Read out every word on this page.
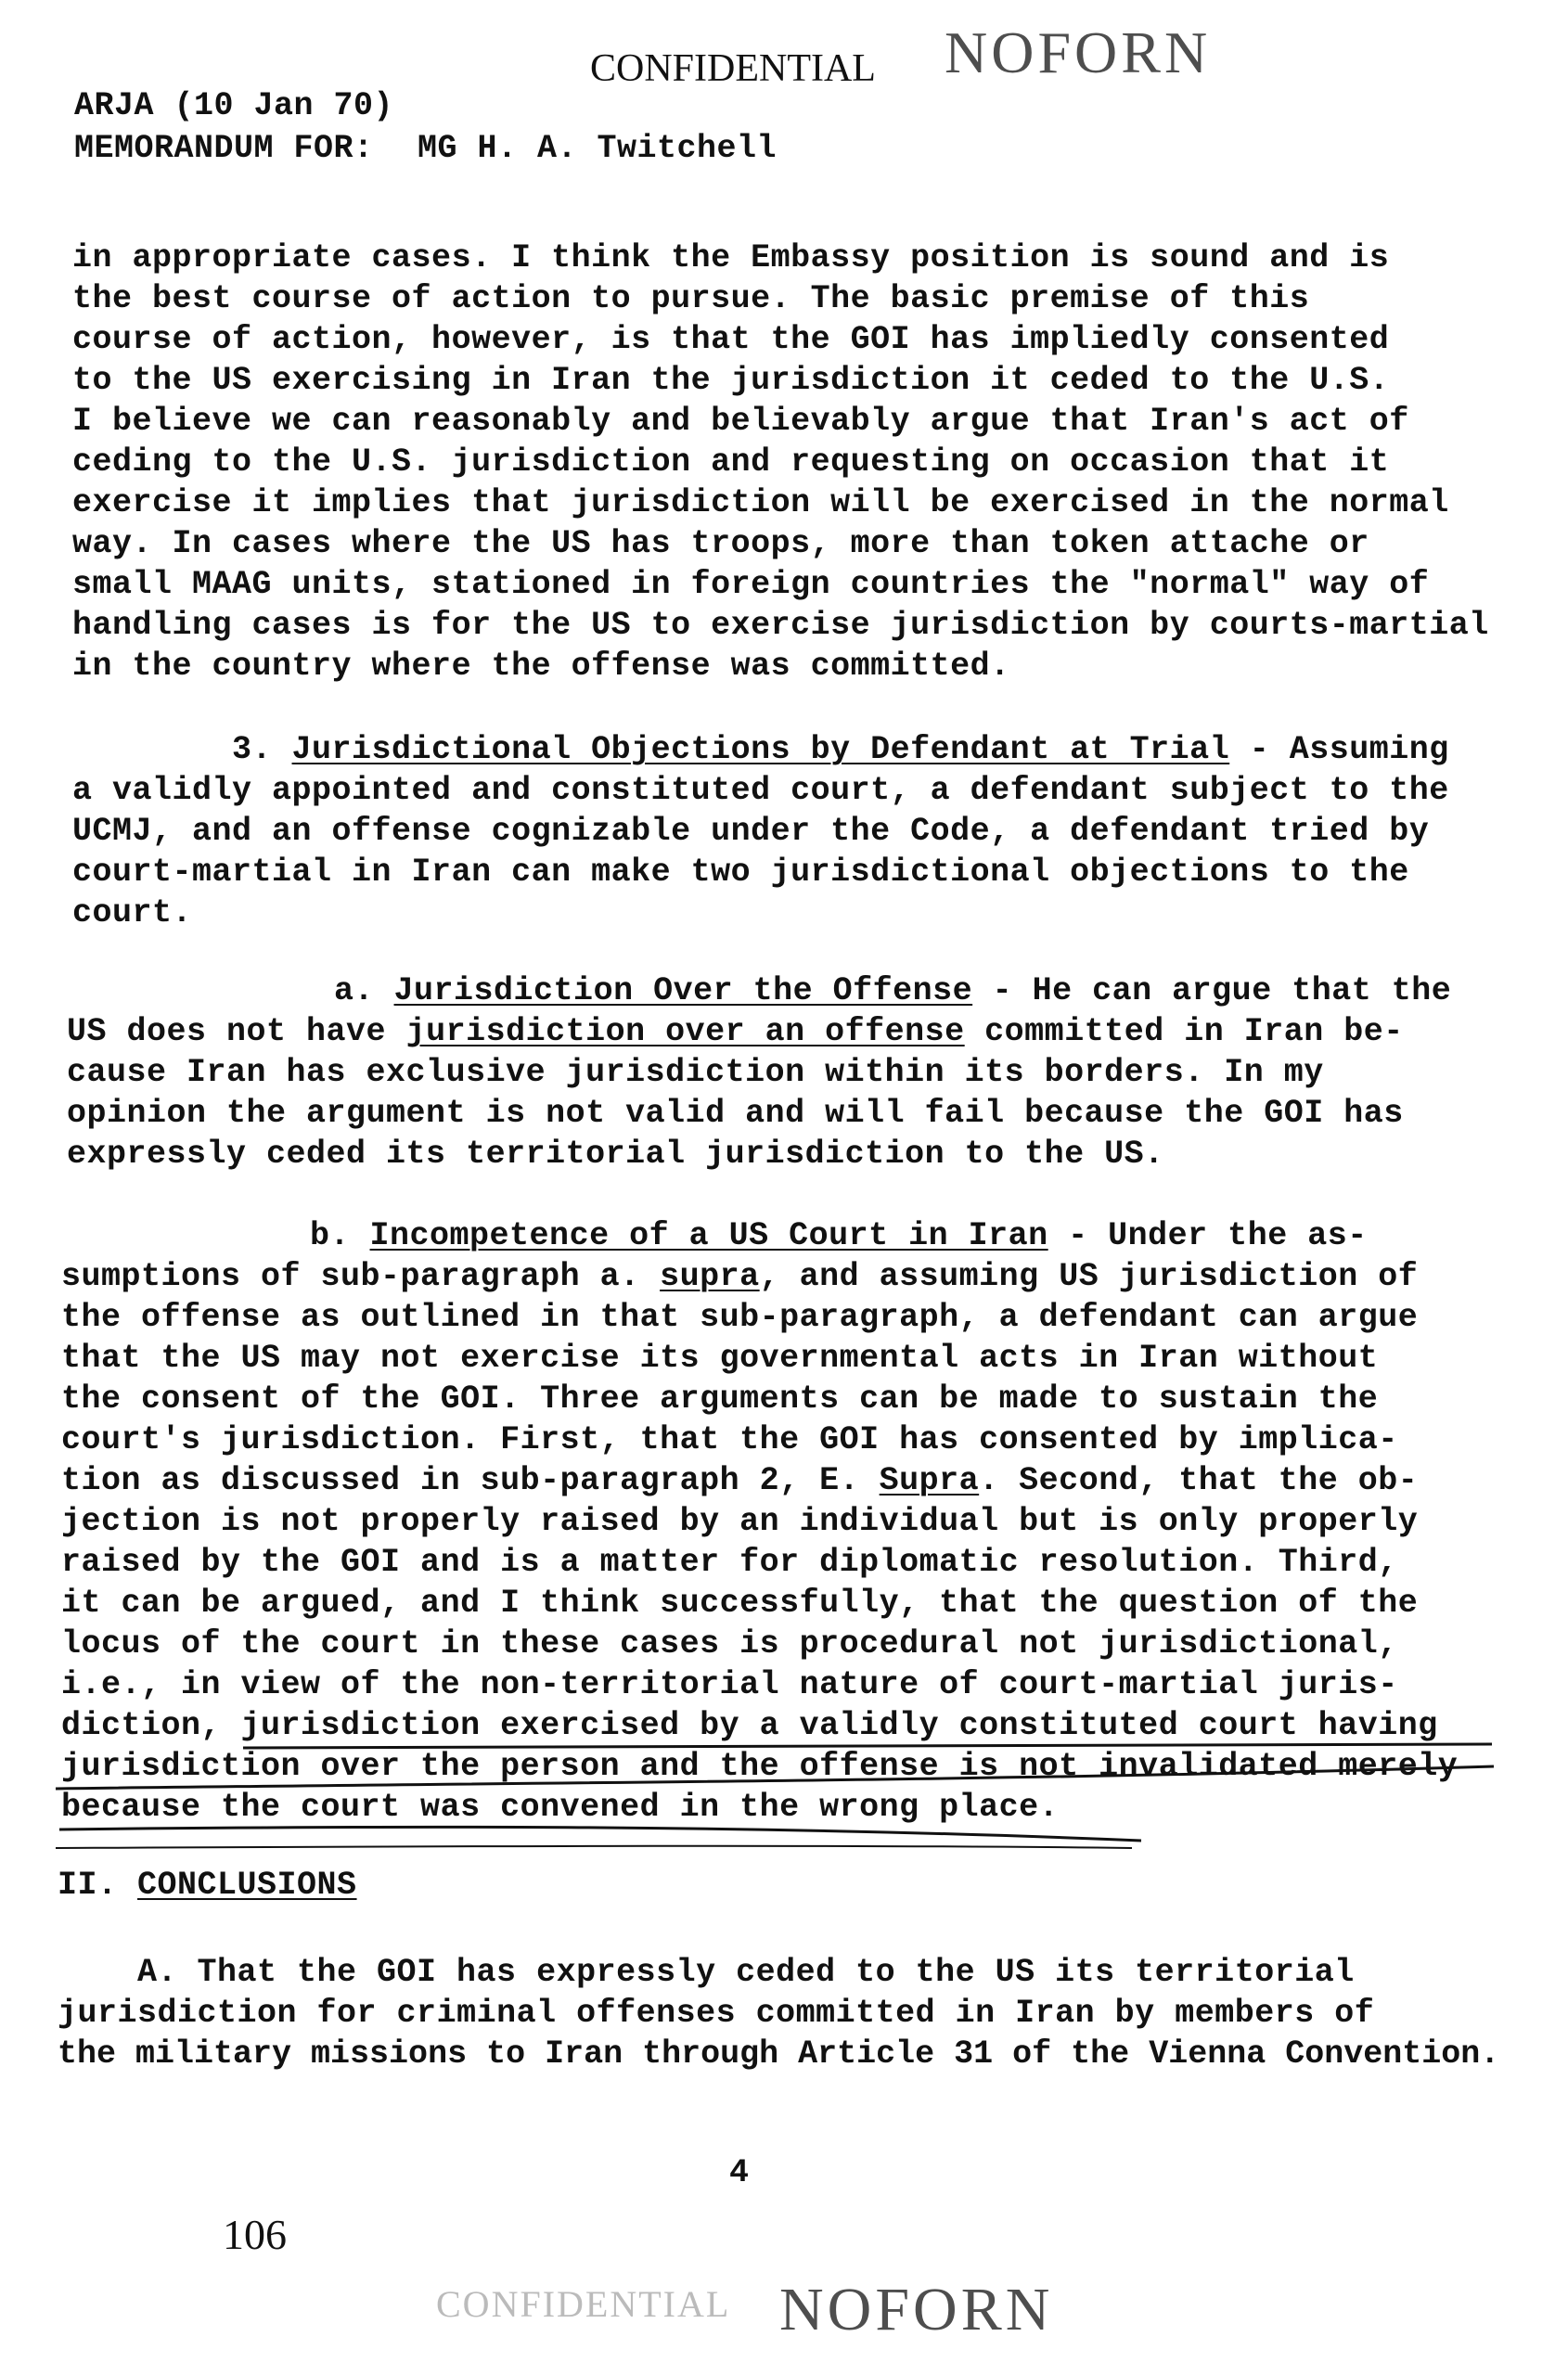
CONFIDENTIAL NOFORN
ARJA (10 Jan 70)
MEMORANDUM FOR: MG H. A. Twitchell
in appropriate cases. I think the Embassy position is sound and is
the best course of action to pursue. The basic premise of this
course of action, however, is that the GOI has impliedly consented
to the US exercising in Iran the jurisdiction it ceded to the U.S.
I believe we can reasonably and believably argue that Iran's act of
ceding to the U.S. jurisdiction and requesting on occasion that it
exercise it implies that jurisdiction will be exercised in the normal
way. In cases where the US has troops, more than token attache or
small MAAG units, stationed in foreign countries the "normal" way of
handling cases is for the US to exercise jurisdiction by courts-martial
in the country where the offense was committed.
3. Jurisdictional Objections by Defendant at Trial - Assuming
a validly appointed and constituted court, a defendant subject to the
UCMJ, and an offense cognizable under the Code, a defendant tried by
court-martial in Iran can make two jurisdictional objections to the
court.
a. Jurisdiction Over the Offense - He can argue that the
US does not have jurisdiction over an offense committed in Iran be-
cause Iran has exclusive jurisdiction within its borders. In my
opinion the argument is not valid and will fail because the GOI has
expressly ceded its territorial jurisdiction to the US.
b. Incompetence of a US Court in Iran - Under the as-
sumptions of sub-paragraph a. supra, and assuming US jurisdiction of
the offense as outlined in that sub-paragraph, a defendant can argue
that the US may not exercise its governmental acts in Iran without
the consent of the GOI. Three arguments can be made to sustain the
court's jurisdiction. First, that the GOI has consented by implica-
tion as discussed in sub-paragraph 2, E. Supra. Second, that the ob-
jection is not properly raised by an individual but is only properly
raised by the GOI and is a matter for diplomatic resolution. Third,
it can be argued, and I think successfully, that the question of the
locus of the court in these cases is procedural not jurisdictional,
i.e., in view of the non-territorial nature of court-martial juris-
diction, jurisdiction exercised by a validly constituted court having
jurisdiction over the person and the offense is not invalidated merely
because the court was convened in the wrong place.
II. CONCLUSIONS
A. That the GOI has expressly ceded to the US its territorial
jurisdiction for criminal offenses committed in Iran by members of
the military missions to Iran through Article 31 of the Vienna Convention.
4
106
CONFIDENTIAL NOFORN
